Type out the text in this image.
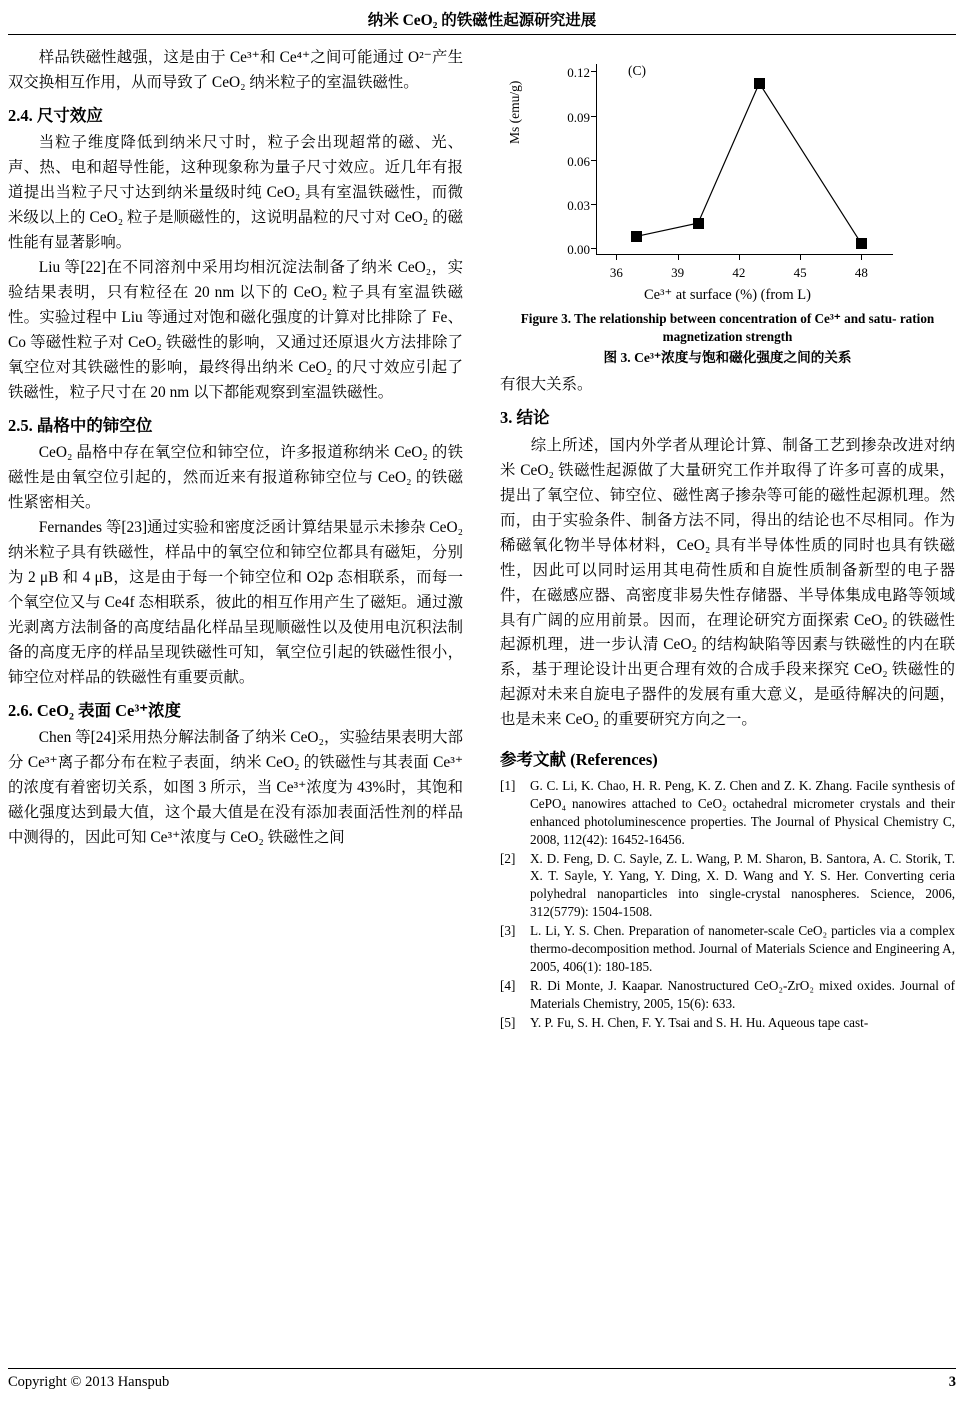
纳米 CeO₂ 的铁磁性起源研究进展

样品铁磁性越强，这是由于 Ce³⁺和 Ce⁴⁺之间可能通过 O²⁻产生双交换相互作用，从而导致了 CeO₂ 纳米粒子的室温铁磁性。

2.4. 尺寸效应

当粒子维度降低到纳米尺寸时，粒子会出现超常的磁、光、声、热、电和超导性能，这种现象称为量子尺寸效应。近几年有报道提出当粒子尺寸达到纳米量级时纯 CeO₂ 具有室温铁磁性，而微米级以上的 CeO₂ 粒子是顺磁性的，这说明晶粒的尺寸对 CeO₂ 的磁性能有显著影响。

Liu 等[22]在不同溶剂中采用均相沉淀法制备了纳米 CeO₂，实验结果表明，只有粒径在 20 nm 以下的 CeO₂ 粒子具有室温铁磁性。实验过程中 Liu 等通过对饱和磁化强度的计算对比排除了 Fe、Co 等磁性粒子对 CeO₂ 铁磁性的影响，又通过还原退火方法排除了氧空位对其铁磁性的影响，最终得出纳米 CeO₂ 的尺寸效应引起了铁磁性，粒子尺寸在 20 nm 以下都能观察到室温铁磁性。

2.5. 晶格中的铈空位

CeO₂ 晶格中存在氧空位和铈空位，许多报道称纳米 CeO₂ 的铁磁性是由氧空位引起的，然而近来有报道称铈空位与 CeO₂ 的铁磁性紧密相关。

Fernandes 等[23]通过实验和密度泛函计算结果显示未掺杂 CeO₂ 纳米粒子具有铁磁性，样品中的氧空位和铈空位都具有磁矩，分别为 2 μB 和 4 μB，这是由于每一个铈空位和 O2p 态相联系，而每一个氧空位又与 Ce4f 态相联系，彼此的相互作用产生了磁矩。通过激光剥离方法制备的高度结晶化样品呈现顺磁性以及使用电沉积法制备的高度无序的样品呈现铁磁性可知，氧空位引起的铁磁性很小，铈空位对样品的铁磁性有重要贡献。

2.6. CeO₂ 表面 Ce³⁺浓度

Chen 等[24]采用热分解法制备了纳米 CeO₂，实验结果表明大部分 Ce³⁺离子都分布在粒子表面，纳米 CeO₂ 的铁磁性与其表面 Ce³⁺的浓度有着密切关系，如图 3 所示，当 Ce³⁺浓度为 43%时，其饱和磁化强度达到最大值，这个最大值是在没有添加表面活性剂的样品中测得的，因此可知 Ce³⁺浓度与 CeO₂ 铁磁性之间

Ms (emu/g)
(C)
Ce³⁺ at surface (%) (from L)
0.00
0.03
0.06
0.09
0.12
36	39	42	45	48
Figure 3. The relationship between concentration of Ce³⁺ and satu- ration magnetization strength
图 3. Ce³⁺浓度与饱和磁化强度之间的关系

有很大关系。

3. 结论

综上所述，国内外学者从理论计算、制备工艺到掺杂改进对纳米 CeO₂ 铁磁性起源做了大量研究工作并取得了许多可喜的成果，提出了氧空位、铈空位、磁性离子掺杂等可能的磁性起源机理。然而，由于实验条件、制备方法不同，得出的结论也不尽相同。作为稀磁氧化物半导体材料，CeO₂ 具有半导体性质的同时也具有铁磁性，因此可以同时运用其电荷性质和自旋性质制备新型的电子器件，在磁感应器、高密度非易失性存储器、半导体集成电路等领域具有广阔的应用前景。因而，在理论研究方面探索 CeO₂ 的铁磁性起源机理，进一步认清 CeO₂ 的结构缺陷等因素与铁磁性的内在联系，基于理论设计出更合理有效的合成手段来探究 CeO₂ 铁磁性的起源对未来自旋电子器件的发展有重大意义，是亟待解决的问题，也是未来 CeO₂ 的重要研究方向之一。

参考文献 (References)
[1]	G. C. Li, K. Chao, H. R. Peng, K. Z. Chen and Z. K. Zhang. Facile synthesis of CePO₄ nanowires attached to CeO₂ octahedral micrometer crystals and their enhanced photoluminescence properties. The Journal of Physical Chemistry C, 2008, 112(42): 16452-16456.
[2]	X. D. Feng, D. C. Sayle, Z. L. Wang, P. M. Sharon, B. Santora, A. C. Storik, T. X. T. Sayle, Y. Yang, Y. Ding, X. D. Wang and Y. S. Her. Converting ceria polyhedral nanoparticles into single-crystal nanospheres. Science, 2006, 312(5779): 1504-1508.
[3]	L. Li, Y. S. Chen. Preparation of nanometer-scale CeO₂ particles via a complex thermo-decomposition method. Journal of Materials Science and Engineering A, 2005, 406(1): 180-185.
[4]	R. Di Monte, J. Kaapar. Nanostructured CeO₂-ZrO₂ mixed oxides. Journal of Materials Chemistry, 2005, 15(6): 633.
[5]	Y. P. Fu, S. H. Chen, F. Y. Tsai and S. H. Hu. Aqueous tape cast-
Copyright © 2013 Hanspub	3
